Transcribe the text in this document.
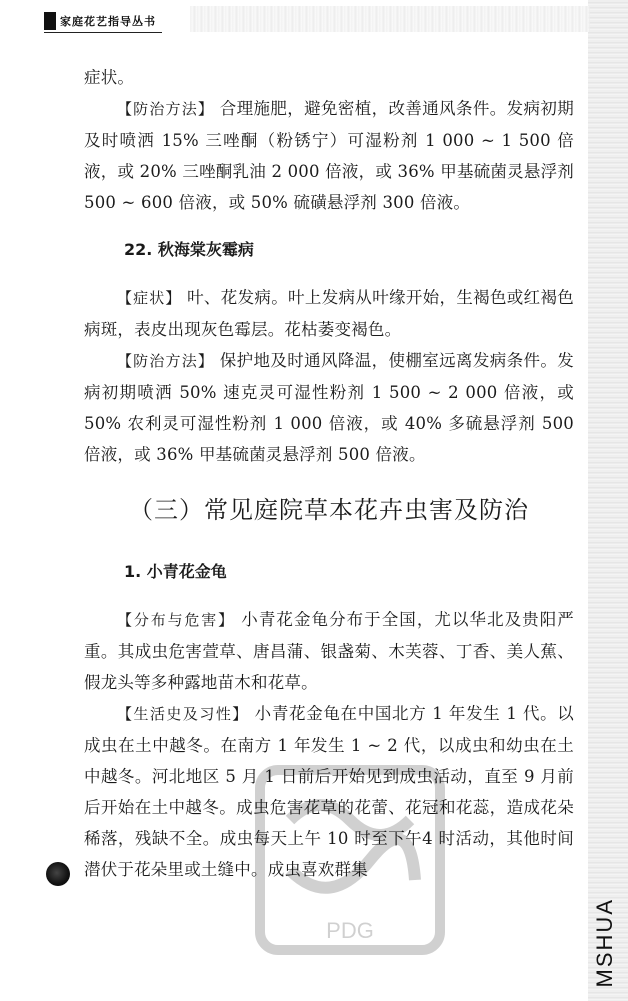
家庭花艺指导丛书

症状。

【防治方法】 合理施肥，避免密植，改善通风条件。发病初期及时喷洒 15% 三唑酮（粉锈宁）可湿粉剂 1 000 ~ 1 500 倍液，或 20% 三唑酮乳油 2 000 倍液，或 36% 甲基硫菌灵悬浮剂 500 ~ 600 倍液，或 50% 硫磺悬浮剂 300 倍液。

22. 秋海棠灰霉病

【症状】 叶、花发病。叶上发病从叶缘开始，生褐色或红褐色病斑，表皮出现灰色霉层。花枯萎变褐色。

【防治方法】 保护地及时通风降温，使棚室远离发病条件。发病初期喷洒 50% 速克灵可湿性粉剂 1 500 ~ 2 000 倍液，或 50% 农利灵可湿性粉剂 1 000 倍液，或 40% 多硫悬浮剂 500 倍液，或 36% 甲基硫菌灵悬浮剂 500 倍液。

（三）常见庭院草本花卉虫害及防治
1. 小青花金龟

【分布与危害】 小青花金龟分布于全国，尤以华北及贵阳严重。其成虫危害萱草、唐昌蒲、银盏菊、木芙蓉、丁香、美人蕉、假龙头等多种露地苗木和花草。

【生活史及习性】 小青花金龟在中国北方 1 年发生 1 代。以成虫在土中越冬。在南方 1 年发生 1 ~ 2 代，以成虫和幼虫在土中越冬。河北地区 5 月 1 日前后开始见到成虫活动，直至 9 月前后开始在土中越冬。成虫危害花草的花蕾、花冠和花蕊，造成花朵稀落，残缺不全。成虫每天上午 10 时至下午4 时活动，其他时间潜伏于花朵里或土缝中。成虫喜欢群集

PDG	MSHUA
